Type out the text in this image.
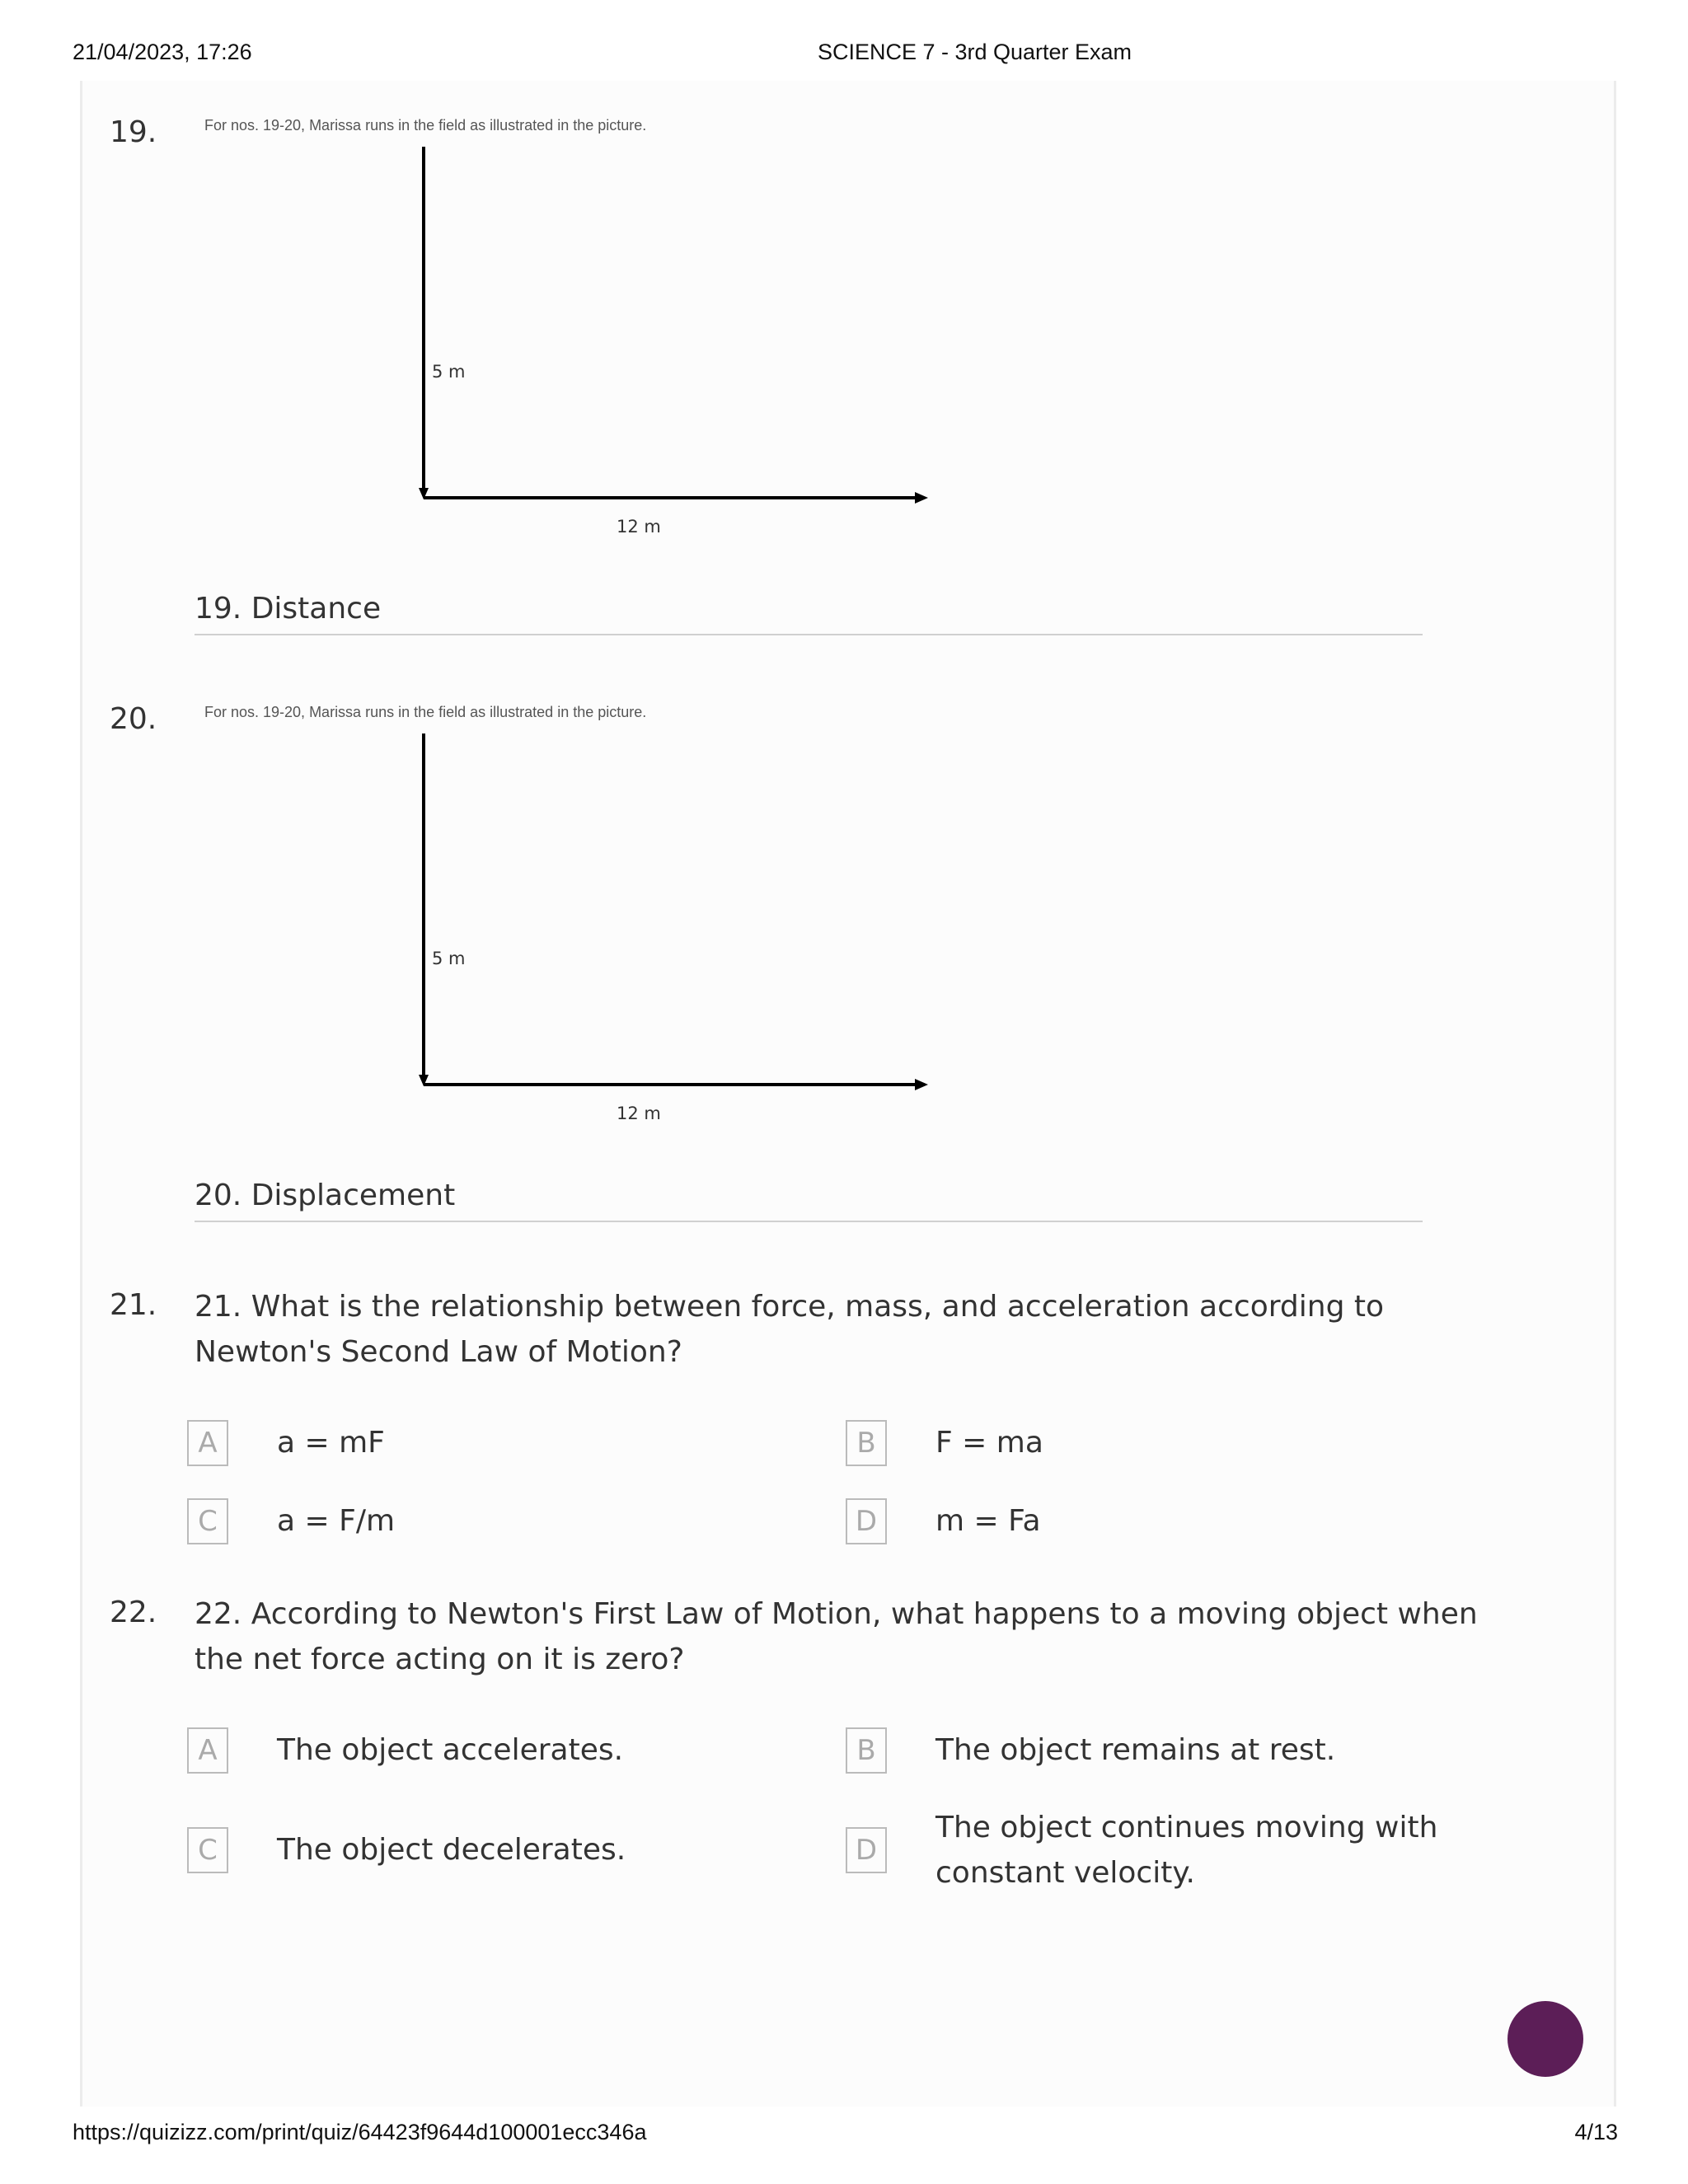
21/04/2023, 17:26	SCIENCE 7 - 3rd Quarter Exam
19.	For nos. 19-20, Marissa runs in the field as illustrated in the picture.
5 m
12 m
19. Distance
20.	For nos. 19-20, Marissa runs in the field as illustrated in the picture.
5 m
12 m
20. Displacement
21. 21. What is the relationship between force, mass, and acceleration according to Newton's Second Law of Motion?
A	a = mF	B	F = ma
C	a = F/m	D	m = Fa
22. 22. According to Newton's First Law of Motion, what happens to a moving object when the net force acting on it is zero?
A	The object accelerates.	B	The object remains at rest.
C	The object decelerates.	D
The object continues moving with constant velocity.
https://quizizz.com/print/quiz/64423f9644d100001ecc346a	4/13
